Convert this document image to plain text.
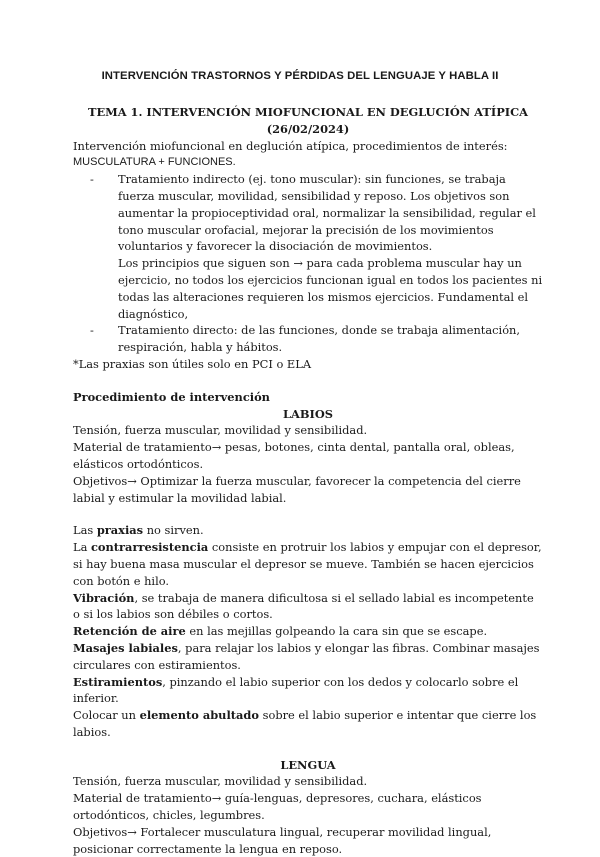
INTERVENCIÓN TRASTORNOS Y PÉRDIDAS DEL LENGUAJE Y HABLA II

TEMA 1. INTERVENCIÓN MIOFUNCIONAL EN DEGLUCIÓN ATÍPICA (26/02/2024)

Intervención miofuncional en deglución atípica, procedimientos de interés:

MUSCULATURA + FUNCIONES.

- Tratamiento indirecto (ej. tono muscular): sin funciones, se trabaja fuerza muscular, movilidad, sensibilidad y reposo. Los objetivos son aumentar la propioceptividad oral, normalizar la sensibilidad, regular el tono muscular orofacial, mejorar la precisión de los movimientos voluntarios y favorecer la disociación de movimientos.

Los principios que siguen son → para cada problema muscular hay un ejercicio, no todos los ejercicios funcionan igual en todos los pacientes ni todas las alteraciones requieren los mismos ejercicios. Fundamental el diagnóstico,

- Tratamiento directo: de las funciones, donde se trabaja alimentación, respiración, habla y hábitos.

*Las praxias son útiles solo en PCI o ELA

Procedimiento de intervención

LABIOS

Tensión, fuerza muscular, movilidad y sensibilidad.

Material de tratamiento→ pesas, botones, cinta dental, pantalla oral, obleas, elásticos ortodónticos.

Objetivos→ Optimizar la fuerza muscular, favorecer la competencia del cierre labial y estimular la movilidad labial.

Las praxias no sirven.

La contrarresistencia consiste en protruir los labios y empujar con el depresor, si hay buena masa muscular el depresor se mueve. También se hacen ejercicios con botón e hilo.

Vibración, se trabaja de manera dificultosa si el sellado labial es incompetente o si los labios son débiles o cortos.

Retención de aire en las mejillas golpeando la cara sin que se escape.

Masajes labiales, para relajar los labios y elongar las fibras. Combinar masajes circulares con estiramientos.

Estiramientos, pinzando el labio superior con los dedos y colocarlo sobre el inferior.

Colocar un elemento abultado sobre el labio superior e intentar que cierre los labios.

LENGUA

Tensión, fuerza muscular, movilidad y sensibilidad.

Material de tratamiento→ guía-lenguas, depresores, cuchara, elásticos ortodónticos, chicles, legumbres.

Objetivos→ Fortalecer musculatura lingual, recuperar movilidad lingual, posicionar correctamente la lengua en reposo.
